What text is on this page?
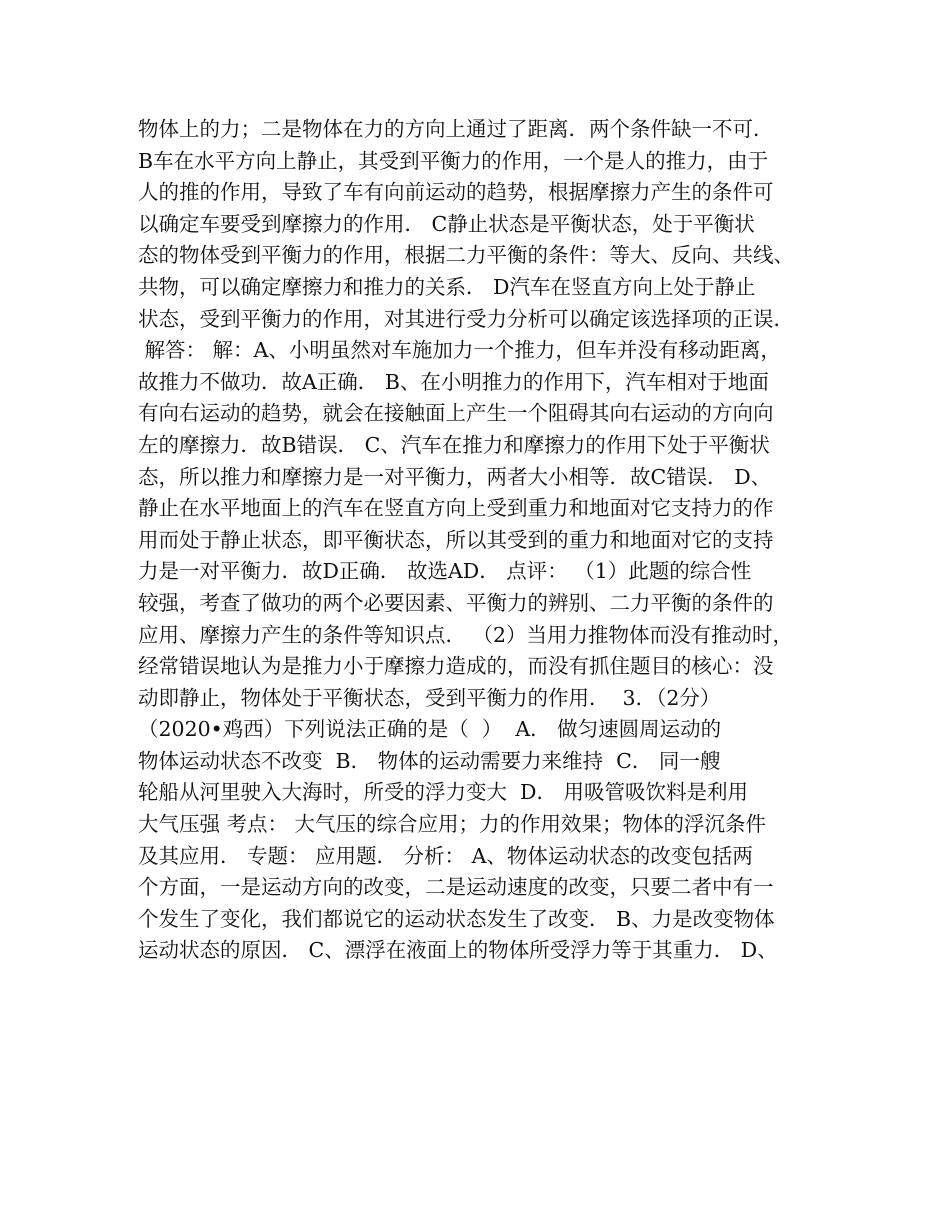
物体上的力；二是物体在力的方向上通过了距离．两个条件缺一不可．
B车在水平方向上静止，其受到平衡力的作用，一个是人的推力，由于
人的推的作用，导致了车有向前运动的趋势，根据摩擦力产生的条件可
以确定车要受到摩擦力的作用． C静止状态是平衡状态，处于平衡状
态的物体受到平衡力的作用，根据二力平衡的条件：等大、反向、共线、
共物，可以确定摩擦力和推力的关系． D汽车在竖直方向上处于静止
状态，受到平衡力的作用，对其进行受力分析可以确定该选择项的正误．
解答： 解：A、小明虽然对车施加力一个推力，但车并没有移动距离，
故推力不做功．故A正确． B、在小明推力的作用下，汽车相对于地面
有向右运动的趋势，就会在接触面上产生一个阻碍其向右运动的方向向
左的摩擦力．故B错误． C、汽车在推力和摩擦力的作用下处于平衡状
态，所以推力和摩擦力是一对平衡力，两者大小相等．故C错误． D、
静止在水平地面上的汽车在竖直方向上受到重力和地面对它支持力的作
用而处于静止状态，即平衡状态，所以其受到的重力和地面对它的支持
力是一对平衡力．故D正确． 故选AD． 点评： （1）此题的综合性
较强，考查了做功的两个必要因素、平衡力的辨别、二力平衡的条件的
应用、摩擦力产生的条件等知识点． （2）当用力推物体而没有推动时，
经常错误地认为是推力小于摩擦力造成的，而没有抓住题目的核心：没
动即静止，物体处于平衡状态，受到平衡力的作用．  3．（2分）
（2020•鸡西）下列说法正确的是（  ）  A． 做匀速圆周运动的
物体运动状态不改变  B． 物体的运动需要力来维持  C． 同一艘
轮船从河里驶入大海时，所受的浮力变大  D． 用吸管吸饮料是利用
大气压强 考点： 大气压的综合应用；力的作用效果；物体的浮沉条件
及其应用． 专题： 应用题． 分析： A、物体运动状态的改变包括两
个方面，一是运动方向的改变，二是运动速度的改变，只要二者中有一
个发生了变化，我们都说它的运动状态发生了改变． B、力是改变物体
运动状态的原因． C、漂浮在液面上的物体所受浮力等于其重力． D、
